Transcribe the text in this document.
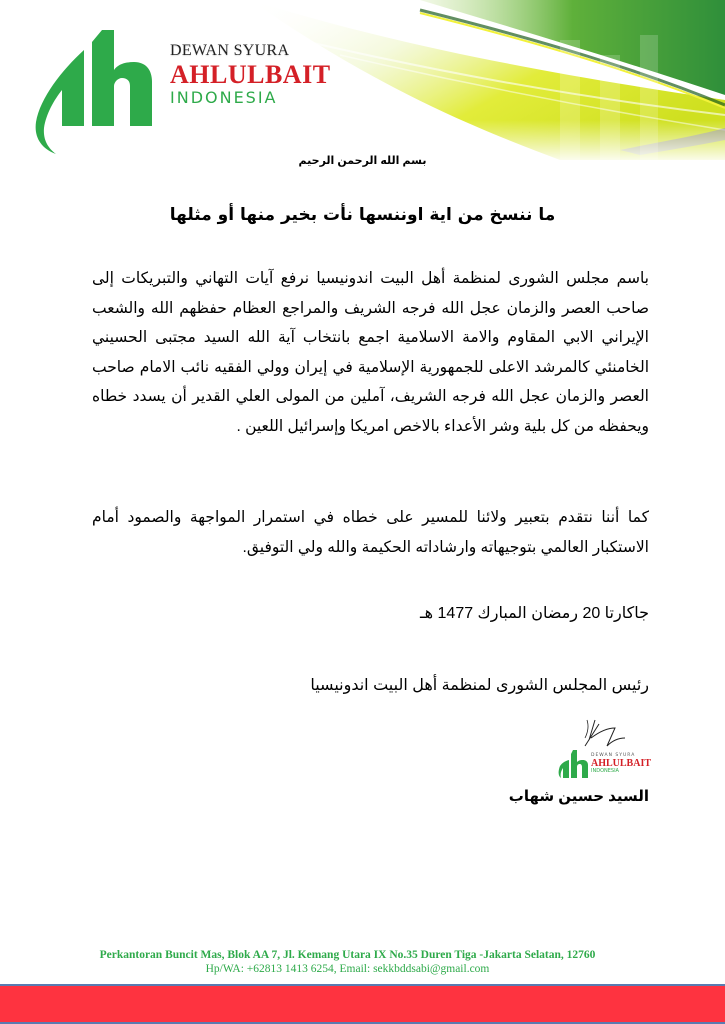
DEWAN SYURA
AHLULBAIT
INDONESIA
بسم الله الرحمن الرحيم
ما ننسخ من اية اوننسها نأت بخير منها أو مثلها
باسم مجلس الشورى لمنظمة أهل البيت اندونيسيا نرفع آيات التهاني والتبريكات إلى صاحب العصر والزمان عجل الله فرجه الشريف والمراجع العظام حفظهم الله والشعب الإيراني الابي المقاوم والامة الاسلامية اجمع بانتخاب آية الله السيد مجتبى الحسيني الخامنئي كالمرشد الاعلى للجمهورية الإسلامية في إيران وولي الفقيه نائب الامام صاحب العصر والزمان عجل الله فرجه الشريف، آملين من المولى العلي القدير أن يسدد خطاه ويحفظه من كل بلية وشر الأعداء بالاخص امريكا وإسرائيل اللعين .
كما أننا نتقدم بتعبير ولائنا للمسير على خطاه في استمرار المواجهة والصمود أمام الاستكبار العالمي بتوجيهاته وارشاداته الحكيمة والله ولي التوفيق.
جاكارتا 20 رمضان المبارك 1477 هـ
رئيس المجلس الشورى لمنظمة أهل البيت اندونيسيا
DEWAN SYURA
AHLULBAIT
INDONESIA
السيد حسين شهاب
Perkantoran Buncit Mas, Blok AA 7, Jl. Kemang Utara IX No.35 Duren Tiga -Jakarta Selatan, 12760
Hp/WA: +62813 1413 6254, Email: sekkbddsabi@gmail.com
